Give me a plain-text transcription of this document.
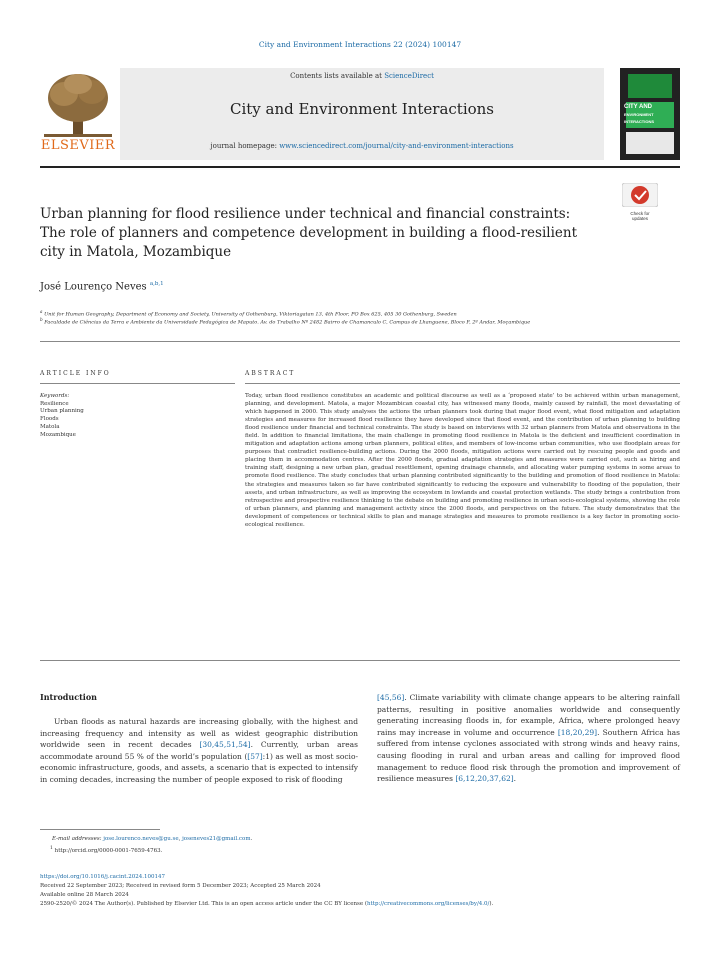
City and Environment Interactions 22 (2024) 100147
ELSEVIER
Contents lists available at ScienceDirect
City and Environment Interactions
journal homepage: www.sciencedirect.com/journal/city-and-environment-interactions
CITY AND
ENVIRONMENT
INTERACTIONS
Check for updates
Urban planning for flood resilience under technical and financial constraints: The role of planners and competence development in building a flood-resilient city in Matola, Mozambique
José Lourenço Neves $^{a,b,1}$
$^a$ Unit for Human Geography, Department of Economy and Society, University of Gothenburg, Viktoriagatan 13, 4th Floor, PO Box 625, 405 30 Gothenburg, Sweden
$^b$ Faculdade de Ciências da Terra e Ambiente da Universidade Pedagógica de Maputo. Av. do Trabalho Nº 2482 Bairro de Chamanculo C, Campus de Lhanguene, Bloco F, 2º Andar, Moçambique
ARTICLE INFO	ABSTRACT
Keywords:
Resilience
Urban planning
Floods
Matola
Mozambique
Today, urban flood resilience constitutes an academic and political discourse as well as a ‘proposed state’ to be achieved within urban management, planning, and development. Matola, a major Mozambican coastal city, has witnessed many floods, mainly caused by rainfall, the most devastating of which happened in 2000. This study analyses the actions the urban planners took during that major flood event, what flood mitigation and adaptation strategies and measures for increased flood resilience they have developed since that flood event, and the contribution of urban planning to building flood resilience under financial and technical constraints. The study is based on interviews with 32 urban planners from Matola and observations in the field. In addition to financial limitations, the main challenge in promoting flood resilience in Matola is the deficient and insufficient coordination in mitigation and adaptation actions among urban planners, political elites, and members of low-income urban communities, who use floodplain areas for purposes that contradict resilience-building actions. During the 2000 floods, mitigation actions were carried out by rescuing people and goods and placing them in accommodation centres. After the 2000 floods, gradual adaptation strategies and measures were carried out, such as hiring and training staff, designing a new urban plan, gradual resettlement, opening drainage channels, and allocating water pumping systems in some areas to promote flood resilience. The study concludes that urban planning contributed significantly to the building and promotion of flood resilience in Matola: the strategies and measures taken so far have contributed significantly to reducing the exposure and vulnerability to flooding of the population, their assets, and urban infrastructure, as well as improving the ecosystem in lowlands and coastal protection wetlands. The study brings a contribution from retrospective and prospective resilience thinking to the debate on building and promoting resilience in urban socio-ecological systems, showing the role of urban planners, and planning and management activity since the 2000 floods, and perspectives on the future. The study demonstrates that the development of competences or technical skills to plan and manage strategies and measures to promote resilience is a key factor in promoting socio-ecological resilience.
Introduction
Urban floods as natural hazards are increasing globally, with the highest and increasing frequency and intensity as well as widest geographic distribution worldwide seen in recent decades [30,45,51,54]. Currently, urban areas accommodate around 55 % of the world’s population ([57]:1) as well as most socio-economic infrastructure, goods, and assets, a scenario that is expected to intensify in coming decades, increasing the number of people exposed to risk of flooding
[45,56]. Climate variability with climate change appears to be altering rainfall patterns, resulting in positive anomalies worldwide and consequently generating increasing floods in, for example, Africa, where prolonged heavy rains may increase in volume and occurrence [18,20,29]. Southern Africa has suffered from intense cyclones associated with strong winds and heavy rains, causing flooding in rural and urban areas and calling for improved flood management to reduce flood risk through the promotion and improvement of resilience measures [6,12,20,37,62].
E-mail addresses: jose.lourenco.neves@gu.se, joseneves21@gmail.com.
$^1$ http://orcid.org/0000-0001-7659-4763.
https://doi.org/10.1016/j.cacint.2024.100147
Received 22 September 2023; Received in revised form 5 December 2023; Accepted 25 March 2024
Available online 28 March 2024
2590-2520/© 2024 The Author(s). Published by Elsevier Ltd. This is an open access article under the CC BY license (http://creativecommons.org/licenses/by/4.0/).
